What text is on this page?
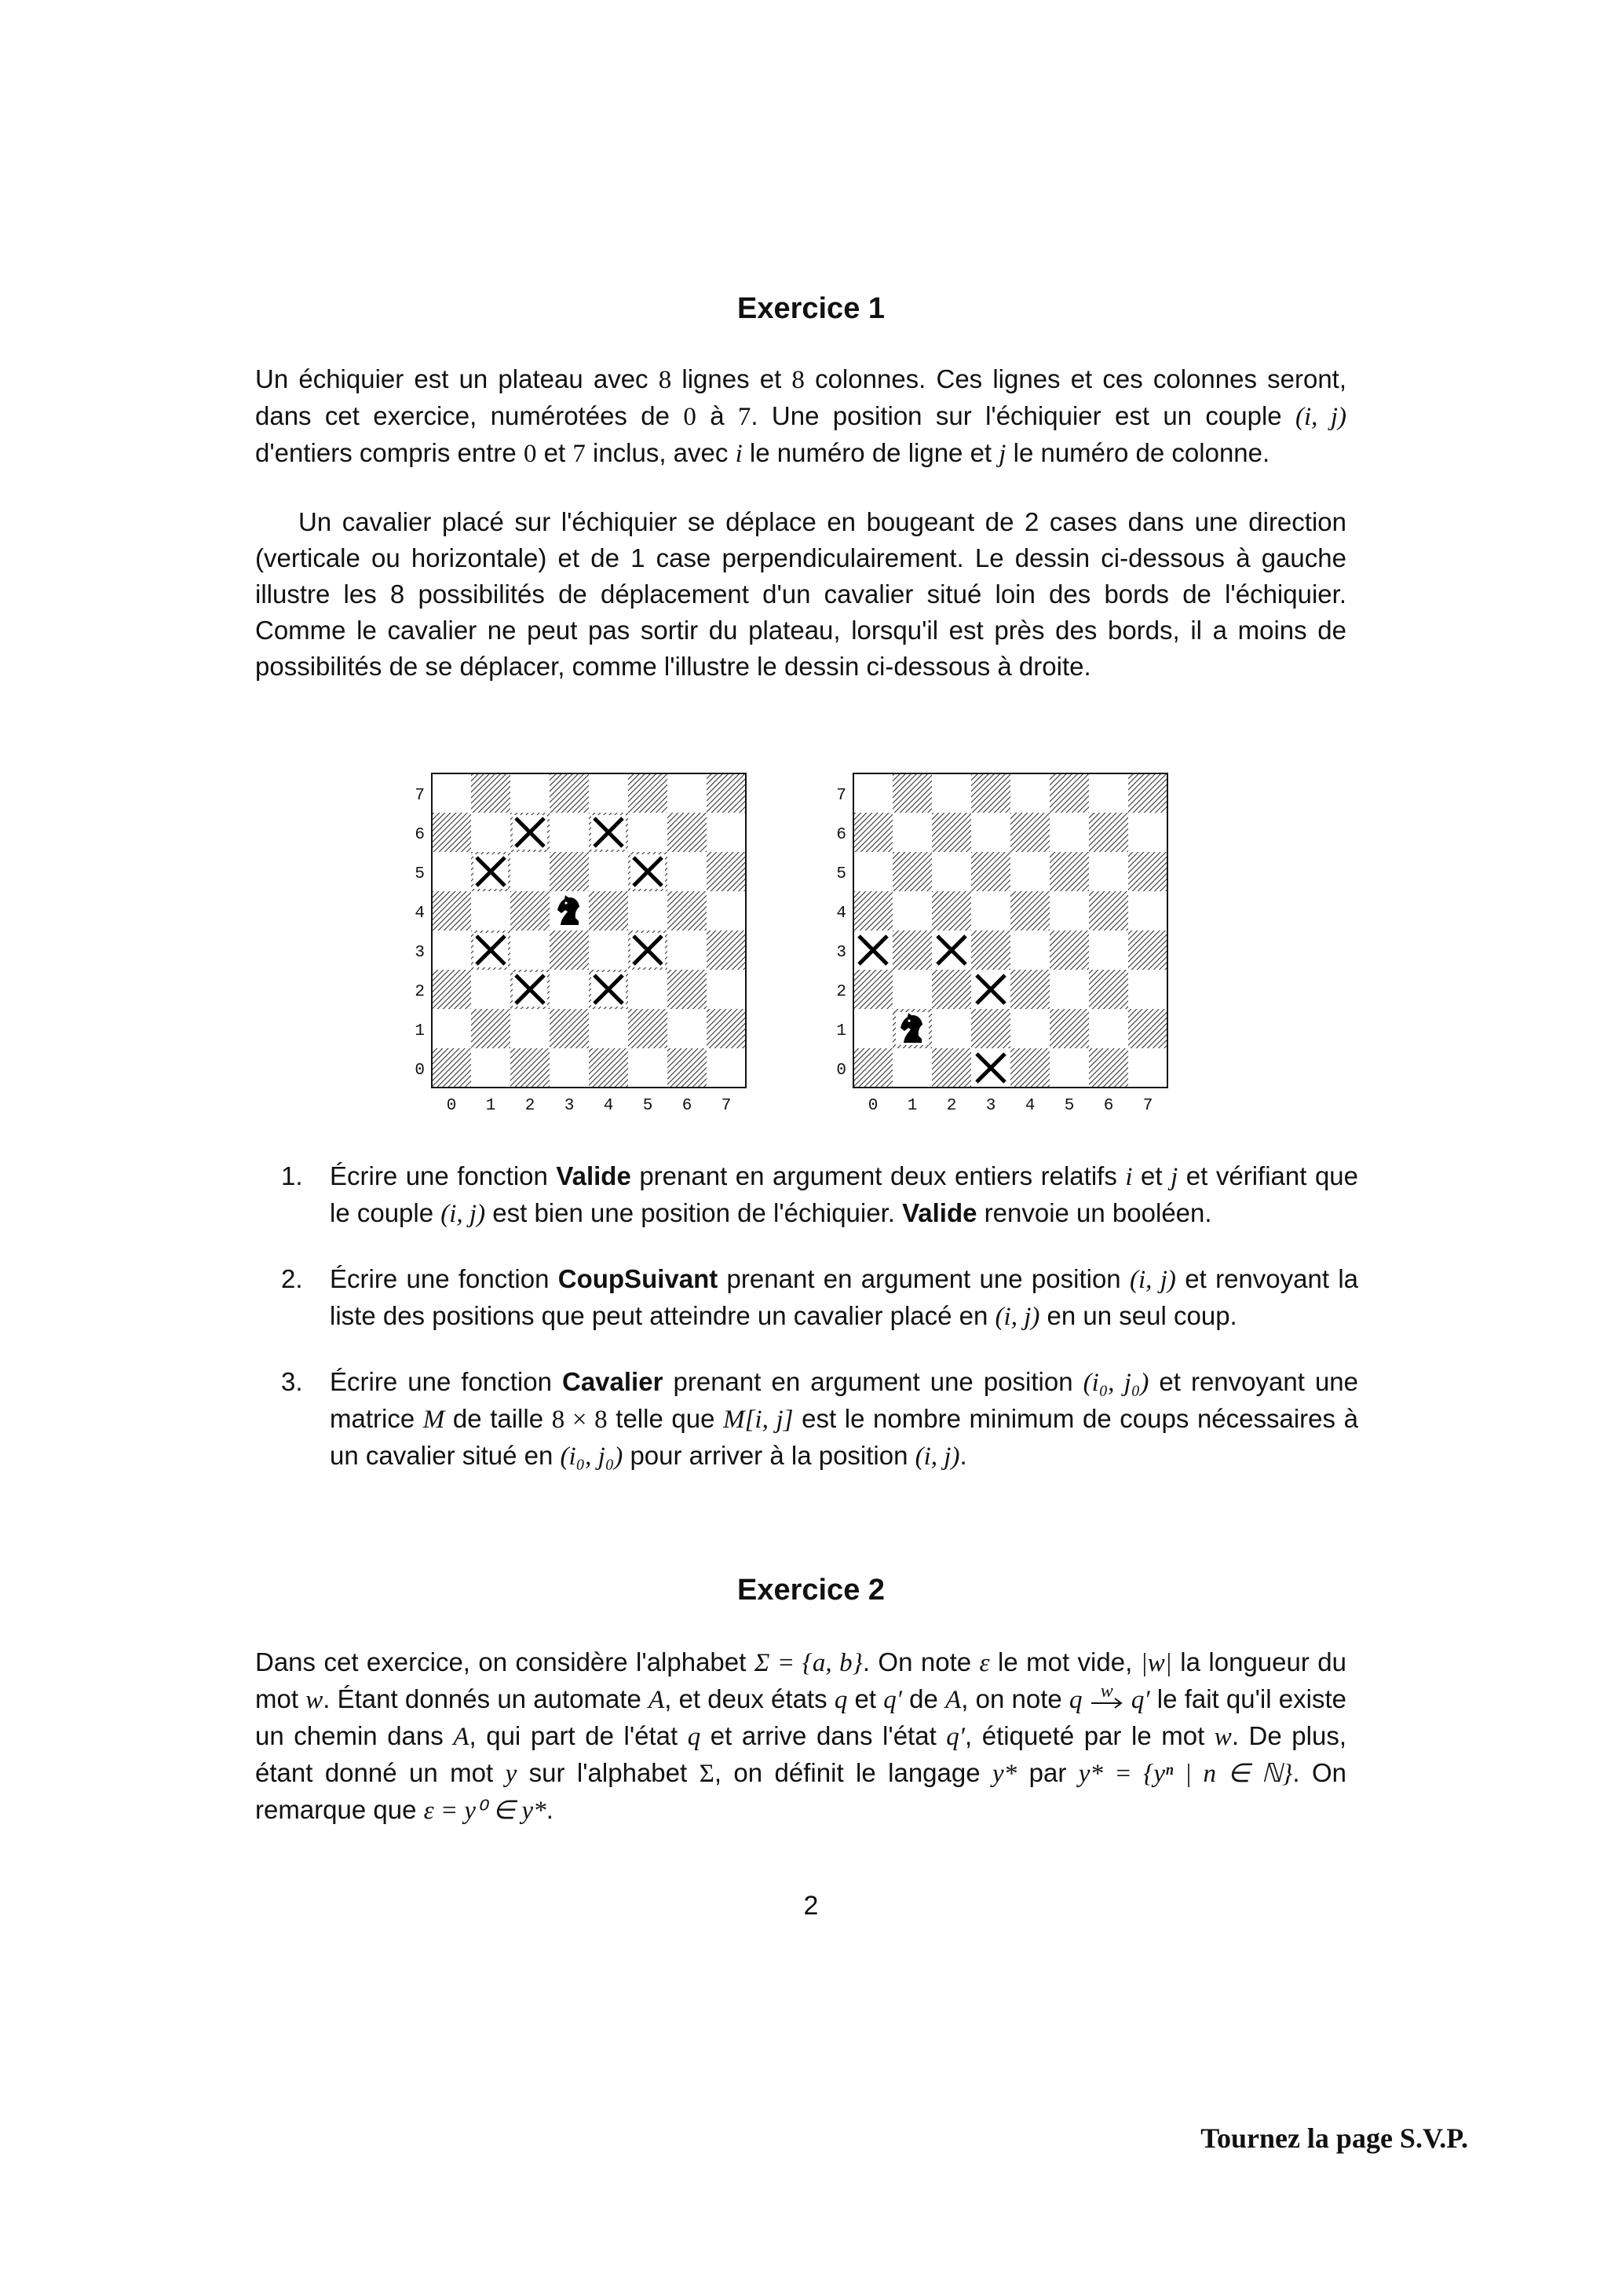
Exercice 1

Un échiquier est un plateau avec 8 lignes et 8 colonnes. Ces lignes et ces colonnes seront, dans cet exercice, numérotées de 0 à 7. Une position sur l'échiquier est un couple (i, j) d'entiers compris entre 0 et 7 inclus, avec i le numéro de ligne et j le numéro de colonne.

Un cavalier placé sur l'échiquier se déplace en bougeant de 2 cases dans une direction (verticale ou horizontale) et de 1 case perpendiculairement. Le dessin ci-dessous à gauche illustre les 8 possibilités de déplacement d'un cavalier situé loin des bords de l'échiquier. Comme le cavalier ne peut pas sortir du plateau, lorsqu'il est près des bords, il a moins de possibilités de se déplacer, comme l'illustre le dessin ci-dessous à droite.

0
0
1
1
2
2
3
3
4
4
5
5
6
6
7
7
0
0
1
1
2
2
3
3
4
4
5
5
6
6
7
7
1. Écrire une fonction Valide prenant en argument deux entiers relatifs i et j et vérifiant que le couple (i, j) est bien une position de l'échiquier. Valide renvoie un booléen.
2. Écrire une fonction CoupSuivant prenant en argument une position (i, j) et renvoyant la liste des positions que peut atteindre un cavalier placé en (i, j) en un seul coup.
3. Écrire une fonction Cavalier prenant en argument une position (i₀, j₀) et renvoyant une matrice M de taille 8 × 8 telle que M[i, j] est le nombre minimum de coups nécessaires à un cavalier situé en (i₀, j₀) pour arriver à la position (i, j).
Exercice 2

Dans cet exercice, on considère l'alphabet Σ = {a, b}. On note ε le mot vide, |w| la longueur du mot w. Étant donnés un automate A, et deux états q et q′ de A, on note q w q′ le fait qu'il existe un chemin dans A, qui part de l'état q et arrive dans l'état q′, étiqueté par le mot w. De plus, étant donné un mot y sur l'alphabet Σ, on définit le langage y* par y* = {yⁿ | n ∈ ℕ}. On remarque que ε = y⁰ ∈ y*.

2
Tournez la page S.V.P.
